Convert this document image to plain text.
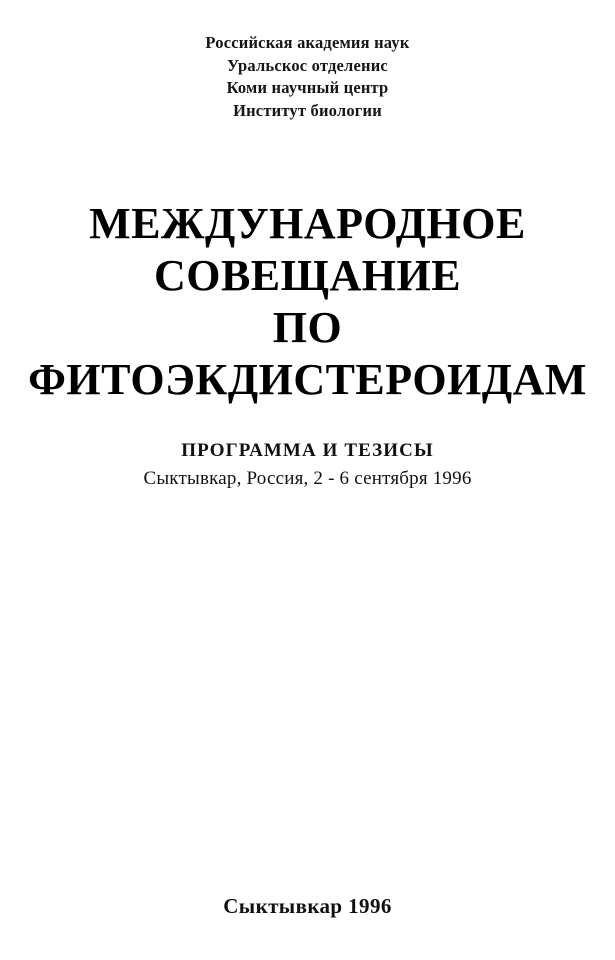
Российская академия наук
Уральскос отделенис
Коми научный центр
Институт биологии
МЕЖДУНАРОДНОЕ
СОВЕЩАНИЕ
ПО
ФИТОЭКДИСТЕРОИДАМ
ПРОГРАММА И ТЕЗИСЫ
Сыктывкар, Россия, 2 - 6 сентября 1996
Сыктывкар 1996
